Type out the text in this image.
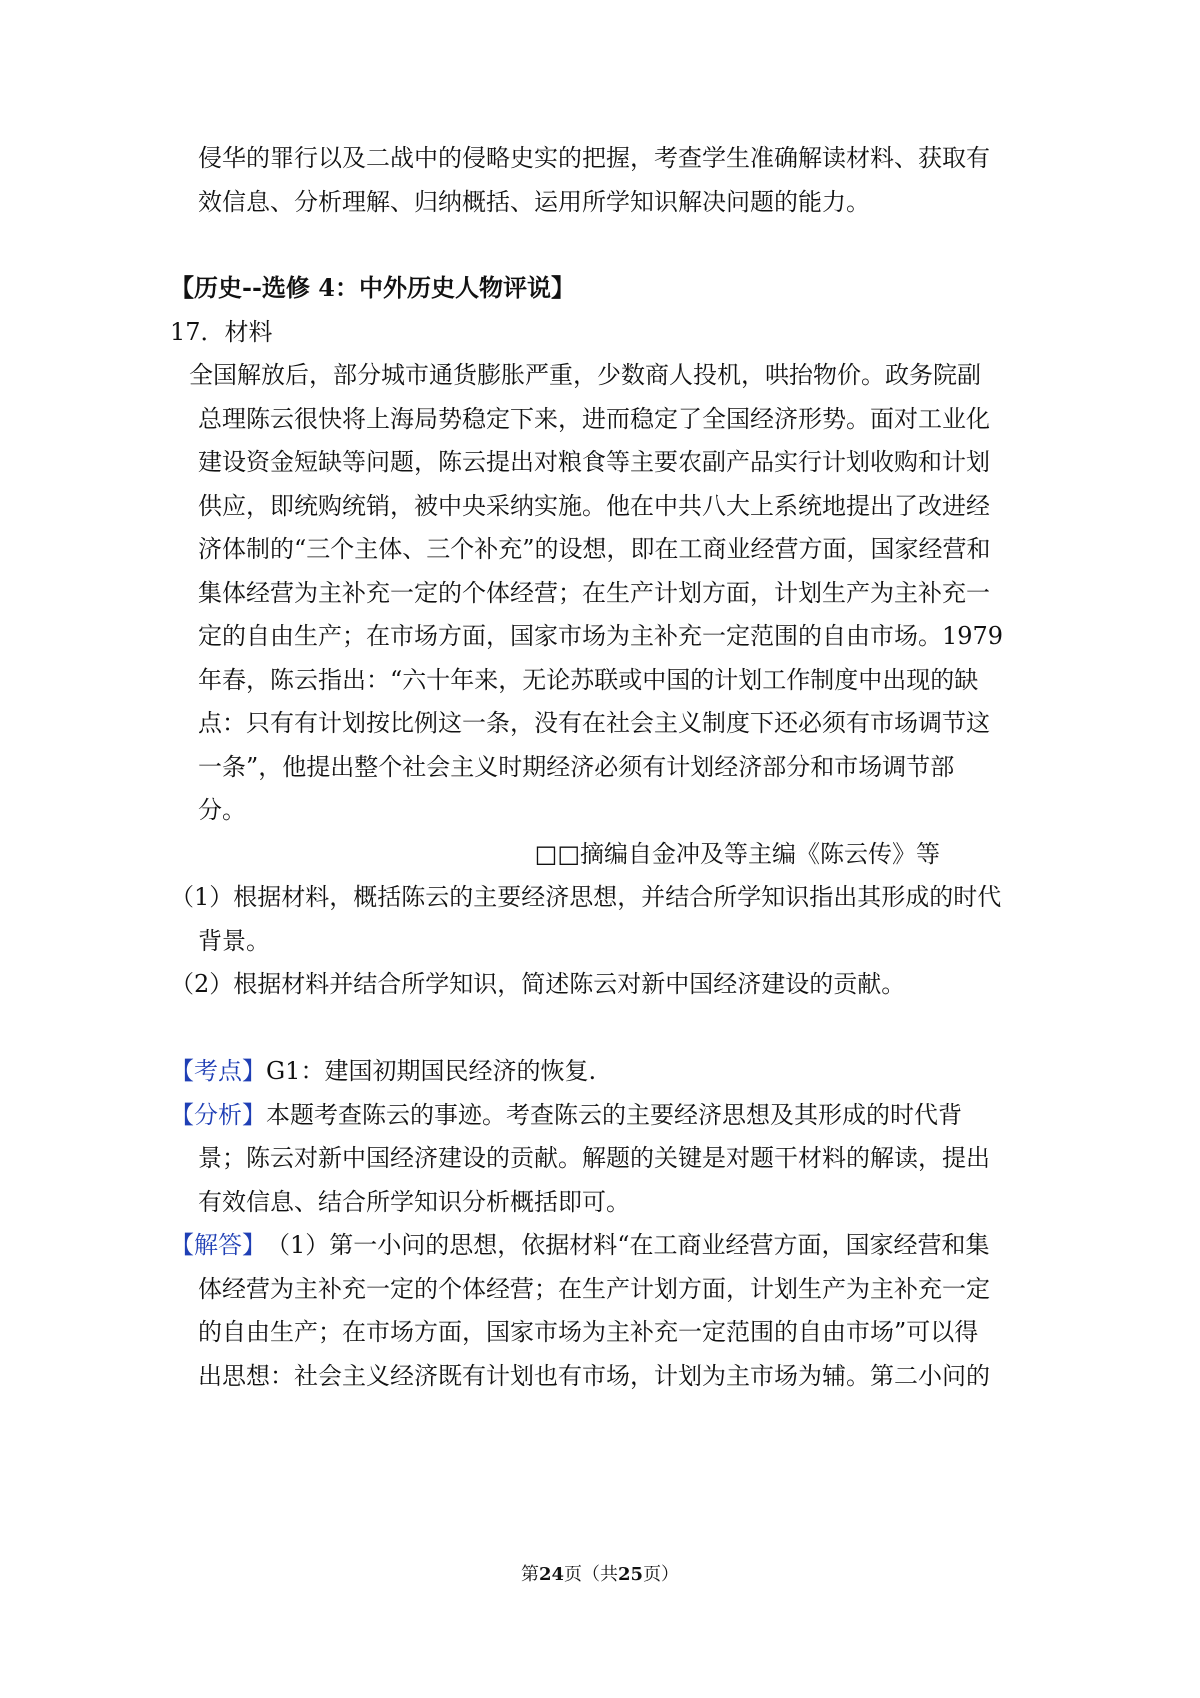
侵华的罪行以及二战中的侵略史实的把握，考查学生准确解读材料、获取有
效信息、分析理解、归纳概括、运用所学知识解决问题的能力。
【历史--选修 4：中外历史人物评说】
17．材料
全国解放后，部分城市通货膨胀严重，少数商人投机，哄抬物价。政务院副
总理陈云很快将上海局势稳定下来，进而稳定了全国经济形势。面对工业化
建设资金短缺等问题，陈云提出对粮食等主要农副产品实行计划收购和计划
供应，即统购统销，被中央采纳实施。他在中共八大上系统地提出了改进经
济体制的“三个主体、三个补充”的设想，即在工商业经营方面，国家经营和
集体经营为主补充一定的个体经营；在生产计划方面，计划生产为主补充一
定的自由生产；在市场方面，国家市场为主补充一定范围的自由市场。1979
年春，陈云指出：“六十年来，无论苏联或中国的计划工作制度中出现的缺
点：只有有计划按比例这一条，没有在社会主义制度下还必须有市场调节这
一条”，他提出整个社会主义时期经济必须有计划经济部分和市场调节部
分。
□□摘编自金冲及等主编《陈云传》等
（1）根据材料，概括陈云的主要经济思想，并结合所学知识指出其形成的时代
背景。
（2）根据材料并结合所学知识，简述陈云对新中国经济建设的贡献。
【考点】G1：建国初期国民经济的恢复.
【分析】 本题考查陈云的事迹。考查陈云的主要经济思想及其形成的时代背
景；陈云对新中国经济建设的贡献。解题的关键是对题干材料的解读，提出
有效信息、结合所学知识分析概括即可。
【解答】 （1）第一小问的思想，依据材料“在工商业经营方面，国家经营和集
体经营为主补充一定的个体经营；在生产计划方面，计划生产为主补充一定
的自由生产；在市场方面，国家市场为主补充一定范围的自由市场”可以得
出思想：社会主义经济既有计划也有市场，计划为主市场为辅。第二小问的
第24页（共25页）
